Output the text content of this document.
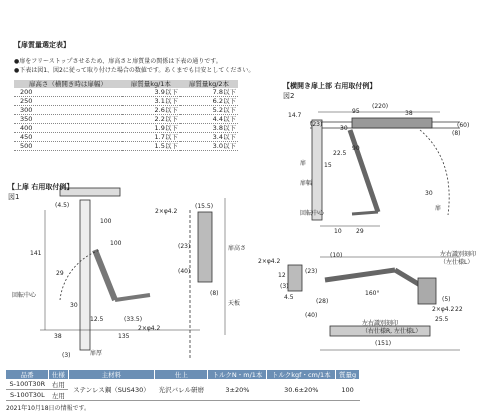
【扉質量選定表】
●扉をフリーストップさせるため、扉高さと扉質量の関係は下表の通りです。
●下表は図1、図2に従って取り付けた場合の数値です。あくまでも目安としてください。
扉高さ（横開き時は扉幅）	扉質量kg/1本	扉質量kg/2本
200	3.9以下	7.8以下
250	3.1以下	6.2以下
300	2.6以下	5.2以下
350	2.2以下	4.4以下
400	1.9以下	3.8以下
450	1.7以下	3.4以下
500	1.5以下	3.0以下
【上扉 右用取付例】
図1
(4.5)
100
(15.5)
2×φ4.2
(23)
(40)
100
141
29
扉高さ
30
12.5	(33.5)
135
38
(8)
2×φ4.2
(3)	扉厚
回転中心
天板
【横開き扉上部 右用取付例】
図2
(220)
14.7
(23)
95	38
30
90
22.5
15
30
(8)
(60)
10 29
扉
扉幅
扉
回転中心
2×φ4.2
12
(3)
(23)
4.5
(10)
(28)
(40)
160°
(151)
(5)
2×φ4.2 22
25.5
左右識別刻印
（左仕様L）
左右識別刻印
（右仕様R, 左仕様L）
品番	仕様	主材料	仕上	トルクN・m/1本	トルクkgf・cm/1本	質量g
S-100T30R	右用	ステンレス鋼（SUS430）	光沢バレル研磨	3±20%	30.6±20%	100
S-100T30L	左用					
2021年10月18日の情報です。
